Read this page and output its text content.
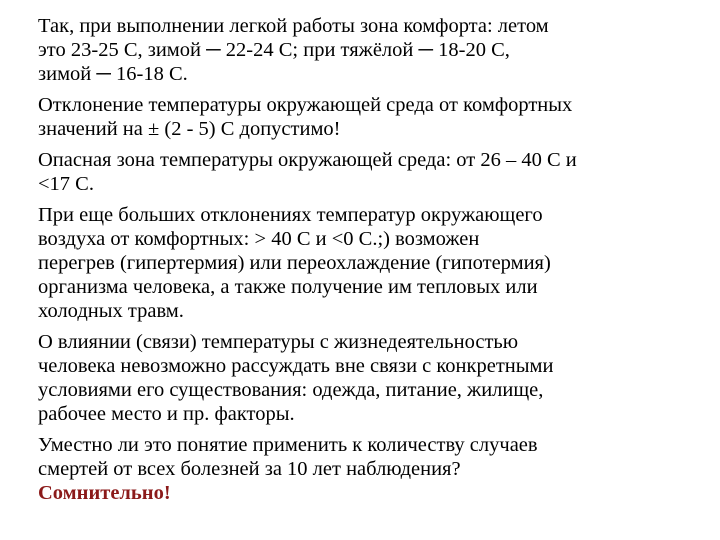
Так, при выполнении легкой работы зона комфорта: летом
это 23-25 С, зимой ─ 22-24 С; при тяжёлой ─ 18-20 С,
зимой ─ 16-18 С.

Отклонение температуры окружающей среда от комфортных
значений на ± (2 - 5) С допустимо!

Опасная зона температуры окружающей среда: от 26 – 40 С и
<17 С.

При еще больших отклонениях температур окружающего
воздуха от комфортных: > 40 С и <0 С.;) возможен
перегрев (гипертермия) или переохлаждение (гипотермия)
организма человека, а также получение им тепловых или
холодных травм.

О влиянии (связи) температуры с жизнедеятельностью
человека невозможно рассуждать вне связи с конкретными
условиями его существования: одежда, питание, жилище,
рабочее место и пр. факторы.

Уместно ли это понятие применить к количеству случаев
смертей от всех болезней за 10 лет наблюдения?
Сомнительно!
